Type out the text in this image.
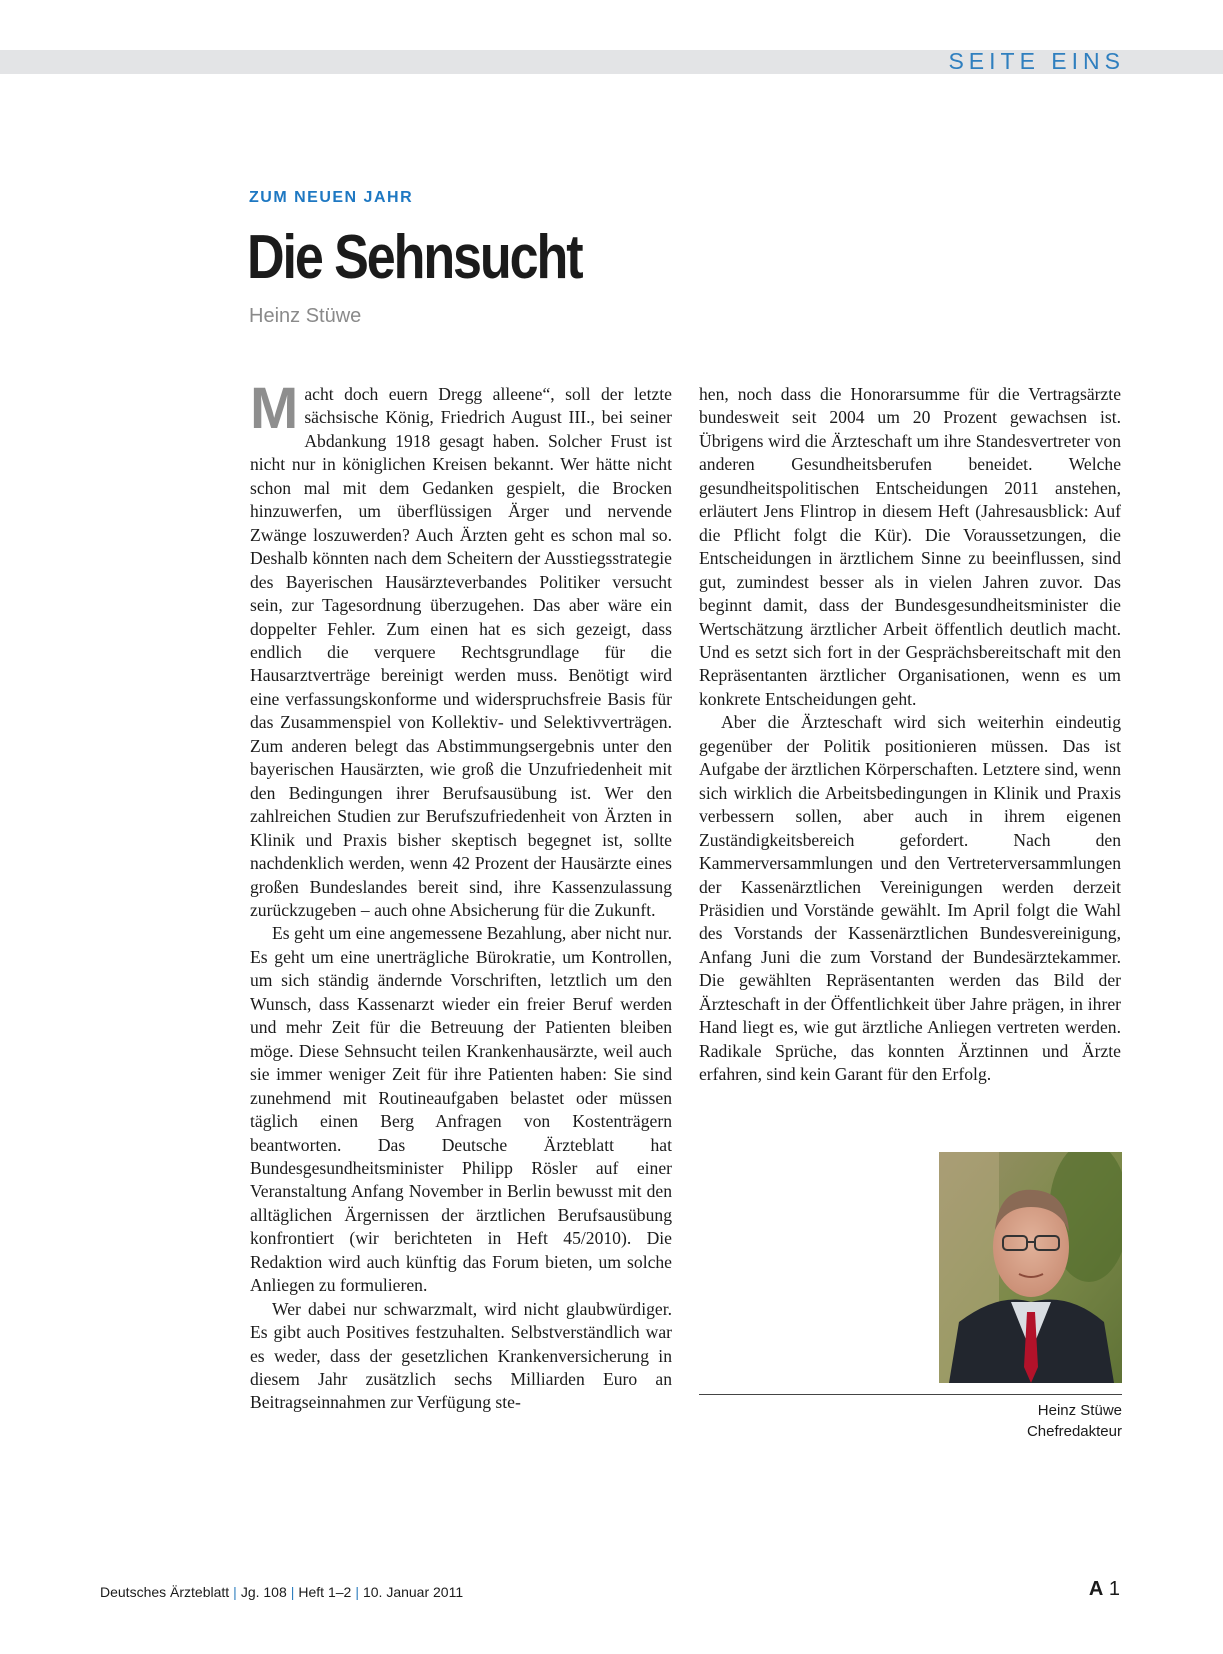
SEITE EINS
ZUM NEUEN JAHR
Die Sehnsucht
Heinz Stüwe

Macht doch euern Dregg alleene“, soll der letzte sächsische König, Friedrich August III., bei seiner Abdankung 1918 gesagt haben. Solcher Frust ist nicht nur in königlichen Kreisen bekannt. Wer hätte nicht schon mal mit dem Gedanken gespielt, die Brocken hinzuwerfen, um überflüssigen Ärger und nervende Zwänge loszuwerden? Auch Ärzten geht es schon mal so. Deshalb könnten nach dem Scheitern der Ausstiegsstrategie des Bayerischen Hausärzteverbandes Politiker versucht sein, zur Tagesordnung überzugehen. Das aber wäre ein doppelter Fehler. Zum einen hat es sich gezeigt, dass endlich die verquere Rechtsgrundlage für die Hausarztverträge bereinigt werden muss. Benötigt wird eine verfassungskonforme und widerspruchsfreie Basis für das Zusammenspiel von Kollektiv- und Selektivverträgen. Zum anderen belegt das Abstimmungsergebnis unter den bayerischen Hausärzten, wie groß die Unzufriedenheit mit den Bedingungen ihrer Berufsausübung ist. Wer den zahlreichen Studien zur Berufszufriedenheit von Ärzten in Klinik und Praxis bisher skeptisch begegnet ist, sollte nachdenklich werden, wenn 42 Prozent der Hausärzte eines großen Bundeslandes bereit sind, ihre Kassenzulassung zurückzugeben – auch ohne Absicherung für die Zukunft.

Es geht um eine angemessene Bezahlung, aber nicht nur. Es geht um eine unerträgliche Bürokratie, um Kontrollen, um sich ständig ändernde Vorschriften, letztlich um den Wunsch, dass Kassenarzt wieder ein freier Beruf werden und mehr Zeit für die Betreuung der Patienten bleiben möge. Diese Sehnsucht teilen Krankenhausärzte, weil auch sie immer weniger Zeit für ihre Patienten haben: Sie sind zunehmend mit Routineaufgaben belastet oder müssen täglich einen Berg Anfragen von Kostenträgern beantworten. Das Deutsche Ärzteblatt hat Bundesgesundheitsminister Philipp Rösler auf einer Veranstaltung Anfang November in Berlin bewusst mit den alltäglichen Ärgernissen der ärztlichen Berufsausübung konfrontiert (wir berichteten in Heft 45/2010). Die Redaktion wird auch künftig das Forum bieten, um solche Anliegen zu formulieren.

Wer dabei nur schwarzmalt, wird nicht glaubwürdiger. Es gibt auch Positives festzuhalten. Selbstverständlich war es weder, dass der gesetzlichen Krankenversicherung in diesem Jahr zusätzlich sechs Milliarden Euro an Beitragseinnahmen zur Verfügung ste-

hen, noch dass die Honorarsumme für die Vertragsärzte bundesweit seit 2004 um 20 Prozent gewachsen ist. Übrigens wird die Ärzteschaft um ihre Standesvertreter von anderen Gesundheitsberufen beneidet. Welche gesundheitspolitischen Entscheidungen 2011 anstehen, erläutert Jens Flintrop in diesem Heft (Jahresausblick: Auf die Pflicht folgt die Kür). Die Voraussetzungen, die Entscheidungen in ärztlichem Sinne zu beeinflussen, sind gut, zumindest besser als in vielen Jahren zuvor. Das beginnt damit, dass der Bundesgesundheitsminister die Wertschätzung ärztlicher Arbeit öffentlich deutlich macht. Und es setzt sich fort in der Gesprächsbereitschaft mit den Repräsentanten ärztlicher Organisationen, wenn es um konkrete Entscheidungen geht.

Aber die Ärzteschaft wird sich weiterhin eindeutig gegenüber der Politik positionieren müssen. Das ist Aufgabe der ärztlichen Körperschaften. Letztere sind, wenn sich wirklich die Arbeitsbedingungen in Klinik und Praxis verbessern sollen, aber auch in ihrem eigenen Zuständigkeitsbereich gefordert. Nach den Kammerversammlungen und den Vertreterversammlungen der Kassenärztlichen Vereinigungen werden derzeit Präsidien und Vorstände gewählt. Im April folgt die Wahl des Vorstands der Kassenärztlichen Bundesvereinigung, Anfang Juni die zum Vorstand der Bundesärztekammer. Die gewählten Repräsentanten werden das Bild der Ärzteschaft in der Öffentlichkeit über Jahre prägen, in ihrer Hand liegt es, wie gut ärztliche Anliegen vertreten werden. Radikale Sprüche, das konnten Ärztinnen und Ärzte erfahren, sind kein Garant für den Erfolg.

Heinz Stüwe
Chefredakteur
Deutsches Ärzteblatt | Jg. 108 | Heft 1–2 | 10. Januar 2011	A 1
